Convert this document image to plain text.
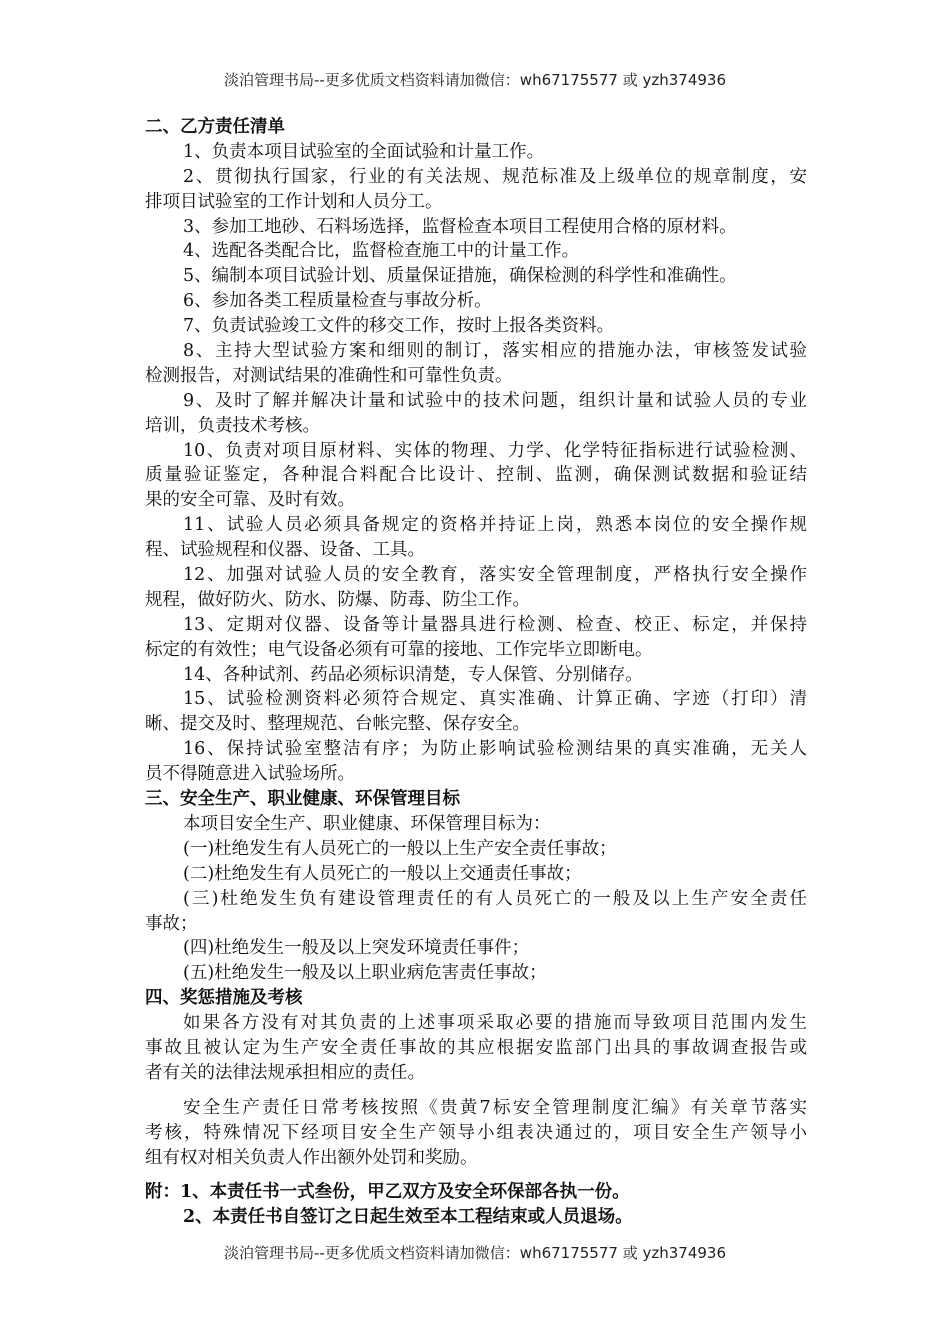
淡泊管理书局--更多优质文档资料请加微信：wh67175577 或 yzh374936
二、乙方责任清单
1、负责本项目试验室的全面试验和计量工作。
2、贯彻执行国家，行业的有关法规、规范标准及上级单位的规章制度，安
排项目试验室的工作计划和人员分工。
3、参加工地砂、石料场选择，监督检查本项目工程使用合格的原材料。
4、选配各类配合比，监督检查施工中的计量工作。
5、编制本项目试验计划、质量保证措施，确保检测的科学性和准确性。
6、参加各类工程质量检查与事故分析。
7、负责试验竣工文件的移交工作，按时上报各类资料。
8、主持大型试验方案和细则的制订，落实相应的措施办法，审核签发试验
检测报告，对测试结果的准确性和可靠性负责。
9、及时了解并解决计量和试验中的技术问题，组织计量和试验人员的专业
培训，负责技术考核。
10、负责对项目原材料、实体的物理、力学、化学特征指标进行试验检测、
质量验证鉴定，各种混合料配合比设计、控制、监测，确保测试数据和验证结
果的安全可靠、及时有效。
11、试验人员必须具备规定的资格并持证上岗，熟悉本岗位的安全操作规
程、试验规程和仪器、设备、工具。
12、加强对试验人员的安全教育，落实安全管理制度，严格执行安全操作
规程，做好防火、防水、防爆、防毒、防尘工作。
13、定期对仪器、设备等计量器具进行检测、检查、校正、标定，并保持
标定的有效性；电气设备必须有可靠的接地、工作完毕立即断电。
14、各种试剂、药品必须标识清楚，专人保管、分别储存。
15、试验检测资料必须符合规定、真实准确、计算正确、字迹（打印）清
晰、提交及时、整理规范、台帐完整、保存安全。
16、保持试验室整洁有序；为防止影响试验检测结果的真实准确，无关人
员不得随意进入试验场所。
三、安全生产、职业健康、环保管理目标
本项目安全生产、职业健康、环保管理目标为：
(一)杜绝发生有人员死亡的一般以上生产安全责任事故；
(二)杜绝发生有人员死亡的一般以上交通责任事故；
(三)杜绝发生负有建设管理责任的有人员死亡的一般及以上生产安全责任
事故；
(四)杜绝发生一般及以上突发环境责任事件；
(五)杜绝发生一般及以上职业病危害责任事故；
四、奖惩措施及考核
如果各方没有对其负责的上述事项采取必要的措施而导致项目范围内发生
事故且被认定为生产安全责任事故的其应根据安监部门出具的事故调查报告或
者有关的法律法规承担相应的责任。
安全生产责任日常考核按照《贵黄7标安全管理制度汇编》有关章节落实
考核，特殊情况下经项目安全生产领导小组表决通过的，项目安全生产领导小
组有权对相关负责人作出额外处罚和奖励。
附：1、本责任书一式叁份，甲乙双方及安全环保部各执一份。
2、本责任书自签订之日起生效至本工程结束或人员退场。
淡泊管理书局--更多优质文档资料请加微信：wh67175577 或 yzh374936
